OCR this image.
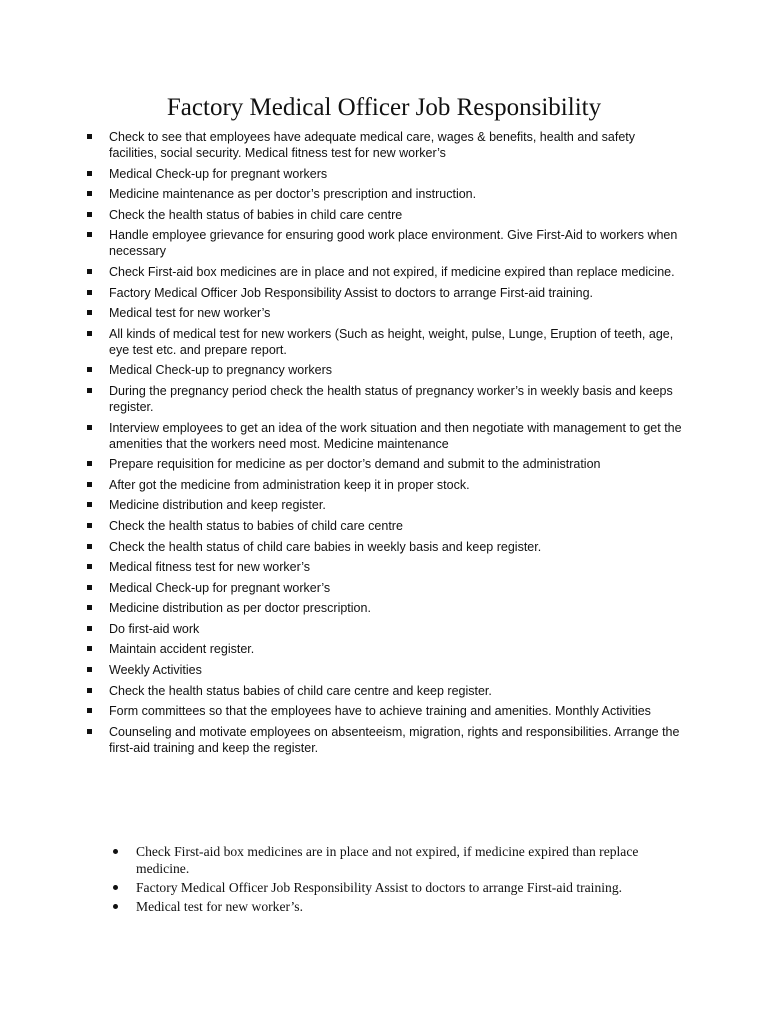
Factory Medical Officer Job Responsibility
Check to see that employees have adequate medical care, wages & benefits, health and safety facilities, social security. Medical fitness test for new worker’s
Medical Check-up for pregnant workers
Medicine maintenance as per doctor’s prescription and instruction.
Check the health status of babies in child care centre
Handle employee grievance for ensuring good work place environment. Give First-Aid to workers when necessary
Check First-aid box medicines are in place and not expired, if medicine expired than replace medicine.
Factory Medical Officer Job Responsibility Assist to doctors to arrange First-aid training.
Medical test for new worker’s
All kinds of medical test for new workers (Such as height, weight, pulse, Lunge, Eruption of teeth, age, eye test etc. and prepare report.
Medical Check-up to pregnancy workers
During the pregnancy period check the health status of pregnancy worker’s in weekly basis and keeps register.
Interview employees to get an idea of the work situation and then negotiate with management to get the amenities that the workers need most. Medicine maintenance
Prepare requisition for medicine as per doctor’s demand and submit to the administration
After got the medicine from administration keep it in proper stock.
Medicine distribution and keep register.
Check the health status to babies of child care centre
Check the health status of child care babies in weekly basis and keep register.
Medical fitness test for new worker’s
Medical Check-up for pregnant worker’s
Medicine distribution as per doctor prescription.
Do first-aid work
Maintain accident register.
Weekly Activities
Check the health status babies of child care centre and keep register.
Form committees so that the employees have to achieve training and amenities. Monthly Activities
Counseling and motivate employees on absenteeism, migration, rights and responsibilities. Arrange the first-aid training and keep the register.
Check First-aid box medicines are in place and not expired, if medicine expired than replace medicine.
Factory Medical Officer Job Responsibility Assist to doctors to arrange First-aid training.
Medical test for new worker’s.
